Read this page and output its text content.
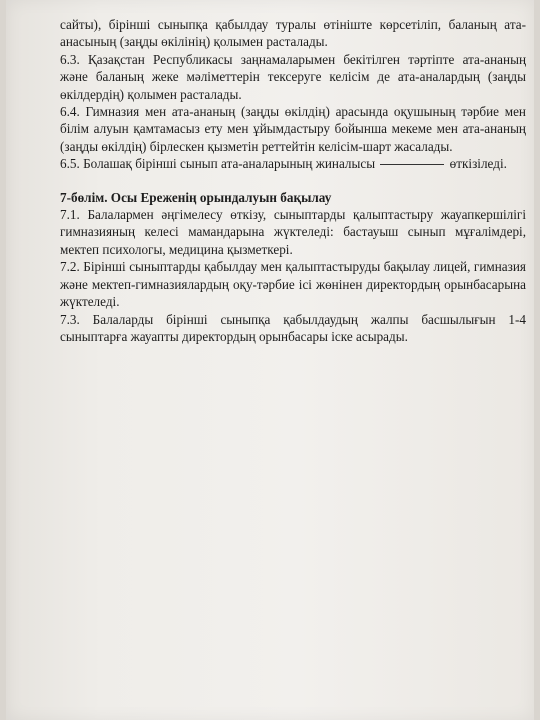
сайты), бірінші сыныпқа қабылдау туралы өтініште көрсетіліп, баланың ата-анасының (заңды өкілінің) қолымен расталады.

6.3. Қазақстан Республикасы заңнамаларымен бекітілген тәртіпте ата-ананың және баланың жеке мәліметтерін тексеруге келісім де ата-аналардың (заңды өкілдердің) қолымен расталады.

6.4. Гимназия мен ата-ананың (заңды өкілдің) арасында оқушының тәрбие мен білім алуын қамтамасыз ету мен ұйымдастыру бойынша мекеме мен ата-ананың (заңды өкілдің) бірлескен қызметін реттейтін келісім-шарт жасалады.

6.5. Болашақ бірінші сынып ата-аналарының жиналысы	өткізіледі.

7-бөлім. Осы Ереженің орындалуын бақылау

7.1. Балалармен әңгімелесу өткізу, сыныптарды қалыптастыру жауапкершілігі гимназияның келесі мамандарына жүктеледі: бастауыш сынып мұғалімдері, мектеп психологы, медицина қызметкері.

7.2. Бірінші сыныптарды қабылдау мен қалыптастыруды бақылау лицей, гимназия және мектеп-гимназиялардың оқу-тәрбие ісі жөнінен директордың орынбасарына жүктеледі.

7.3. Балаларды бірінші сыныпқа қабылдаудың жалпы басшылығын 1-4 сыныптарға жауапты директордың орынбасары іске асырады.
